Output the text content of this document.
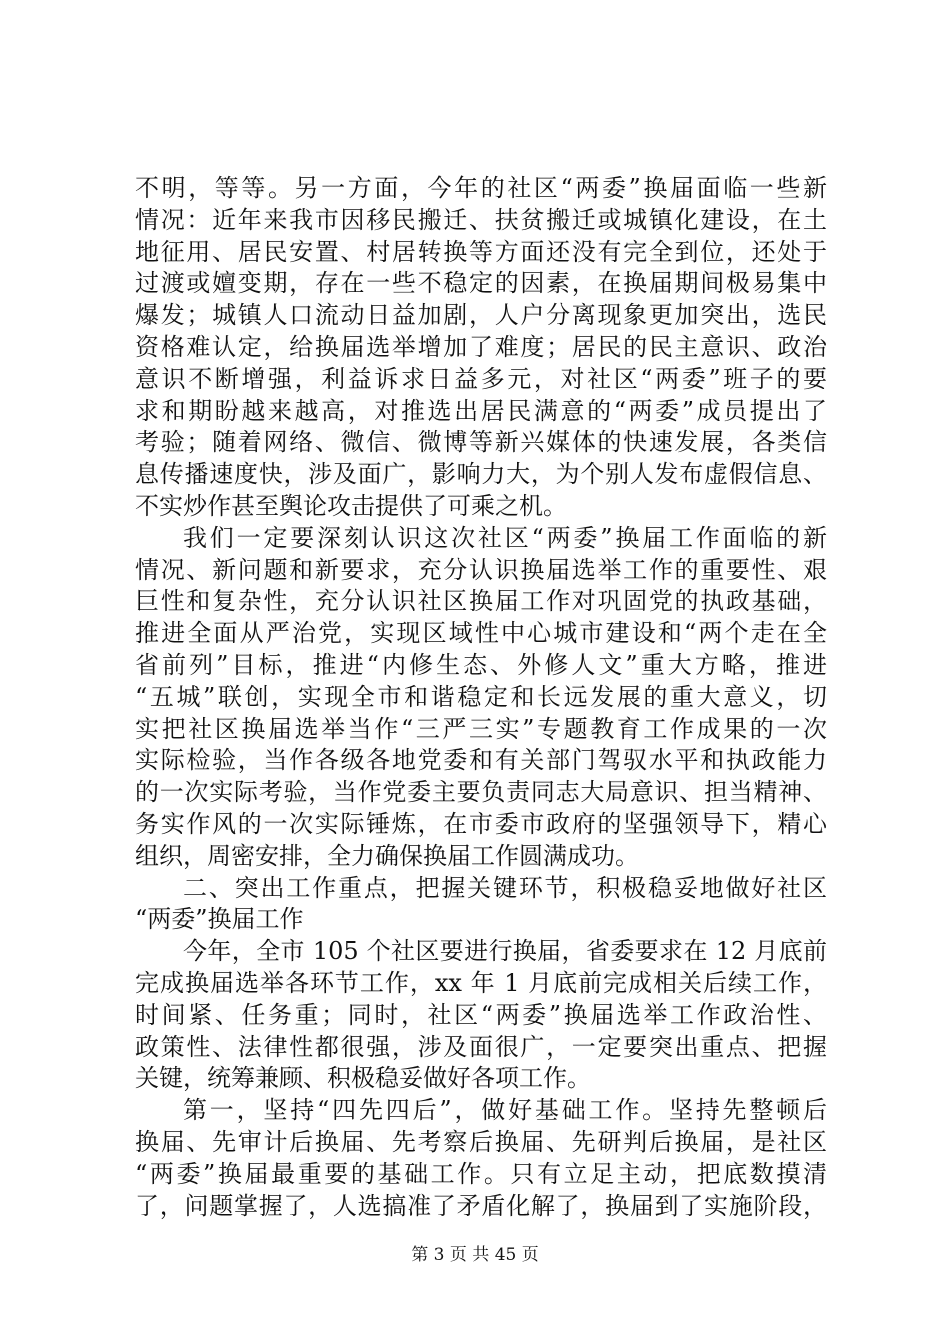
不明，等等。另一方面，今年的社区“两委”换届面临一些新
情况：近年来我市因移民搬迁、扶贫搬迁或城镇化建设，在土
地征用、居民安置、村居转换等方面还没有完全到位，还处于
过渡或嬗变期，存在一些不稳定的因素，在换届期间极易集中
爆发；城镇人口流动日益加剧，人户分离现象更加突出，选民
资格难认定，给换届选举增加了难度；居民的民主意识、政治
意识不断增强，利益诉求日益多元，对社区“两委”班子的要
求和期盼越来越高，对推选出居民满意的“两委”成员提出了
考验；随着网络、微信、微博等新兴媒体的快速发展，各类信
息传播速度快，涉及面广，影响力大，为个别人发布虚假信息、
不实炒作甚至舆论攻击提供了可乘之机。
我们一定要深刻认识这次社区“两委”换届工作面临的新
情况、新问题和新要求，充分认识换届选举工作的重要性、艰
巨性和复杂性，充分认识社区换届工作对巩固党的执政基础，
推进全面从严治党，实现区域性中心城市建设和“两个走在全
省前列”目标，推进“内修生态、外修人文”重大方略，推进
“五城”联创，实现全市和谐稳定和长远发展的重大意义，切
实把社区换届选举当作“三严三实”专题教育工作成果的一次
实际检验，当作各级各地党委和有关部门驾驭水平和执政能力
的一次实际考验，当作党委主要负责同志大局意识、担当精神、
务实作风的一次实际锤炼，在市委市政府的坚强领导下，精心
组织，周密安排，全力确保换届工作圆满成功。
二、突出工作重点，把握关键环节，积极稳妥地做好社区
“两委”换届工作
今年，全市 105 个社区要进行换届，省委要求在 12 月底前
完成换届选举各环节工作，xx 年 1 月底前完成相关后续工作，
时间紧、任务重；同时，社区“两委”换届选举工作政治性、
政策性、法律性都很强，涉及面很广，一定要突出重点、把握
关键，统筹兼顾、积极稳妥做好各项工作。
第一，坚持“四先四后”，做好基础工作。坚持先整顿后
换届、先审计后换届、先考察后换届、先研判后换届，是社区
“两委”换届最重要的基础工作。只有立足主动，把底数摸清
了，问题掌握了，人选搞准了矛盾化解了，换届到了实施阶段，
第 3 页 共 45 页
